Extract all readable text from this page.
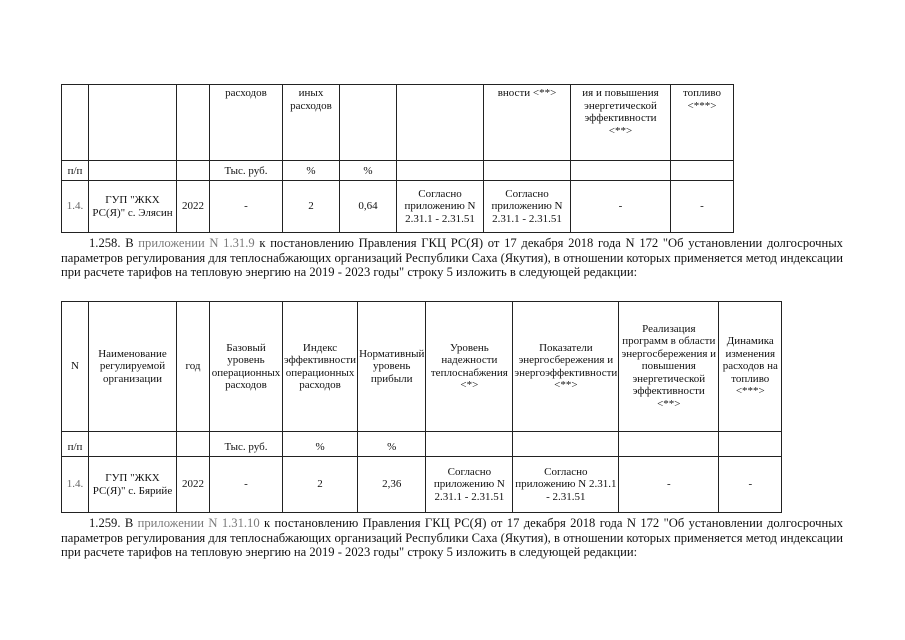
			расходов	иных расходов			вности <**>	ия и повышения энергетической эффективности <**>	топливо <***>
п/п			Тыс. руб.	%	%				
1.4.	ГУП "ЖКХ РС(Я)" с. Элясин	2022	-	2	0,64	Согласно приложению N 2.31.1 - 2.31.51	Согласно приложению N 2.31.1 - 2.31.51	-	-

1.258. В приложении N 1.31.9 к постановлению Правления ГКЦ РС(Я) от 17 декабря 2018 года N 172 "Об установлении долгосрочных параметров регулирования для теплоснабжающих организаций Республики Саха (Якутия), в отношении которых применяется метод индексации при расчете тарифов на тепловую энергию на 2019 - 2023 годы" строку 5 изложить в следующей редакции:

N	Наименование регулируемой организации	год	Базовый уровень операционных расходов	Индекс эффективности операционных расходов	Нормативный уровень прибыли	Уровень надежности теплоснабжения <*>	Показатели энергосбережения и энергоэффективности <**>	Реализация программ в области энергосбережения и повышения энергетической эффективности <**>	Динамика изменения расходов на топливо <***>
п/п			Тыс. руб.	%	%				
1.4.	ГУП "ЖКХ РС(Я)" с. Бярийе	2022	-	2	2,36	Согласно приложению N 2.31.1 - 2.31.51	Согласно приложению N 2.31.1 - 2.31.51	-	-

1.259. В приложении N 1.31.10 к постановлению Правления ГКЦ РС(Я) от 17 декабря 2018 года N 172 "Об установлении долгосрочных параметров регулирования для теплоснабжающих организаций Республики Саха (Якутия), в отношении которых применяется метод индексации при расчете тарифов на тепловую энергию на 2019 - 2023 годы" строку 5 изложить в следующей редакции:
